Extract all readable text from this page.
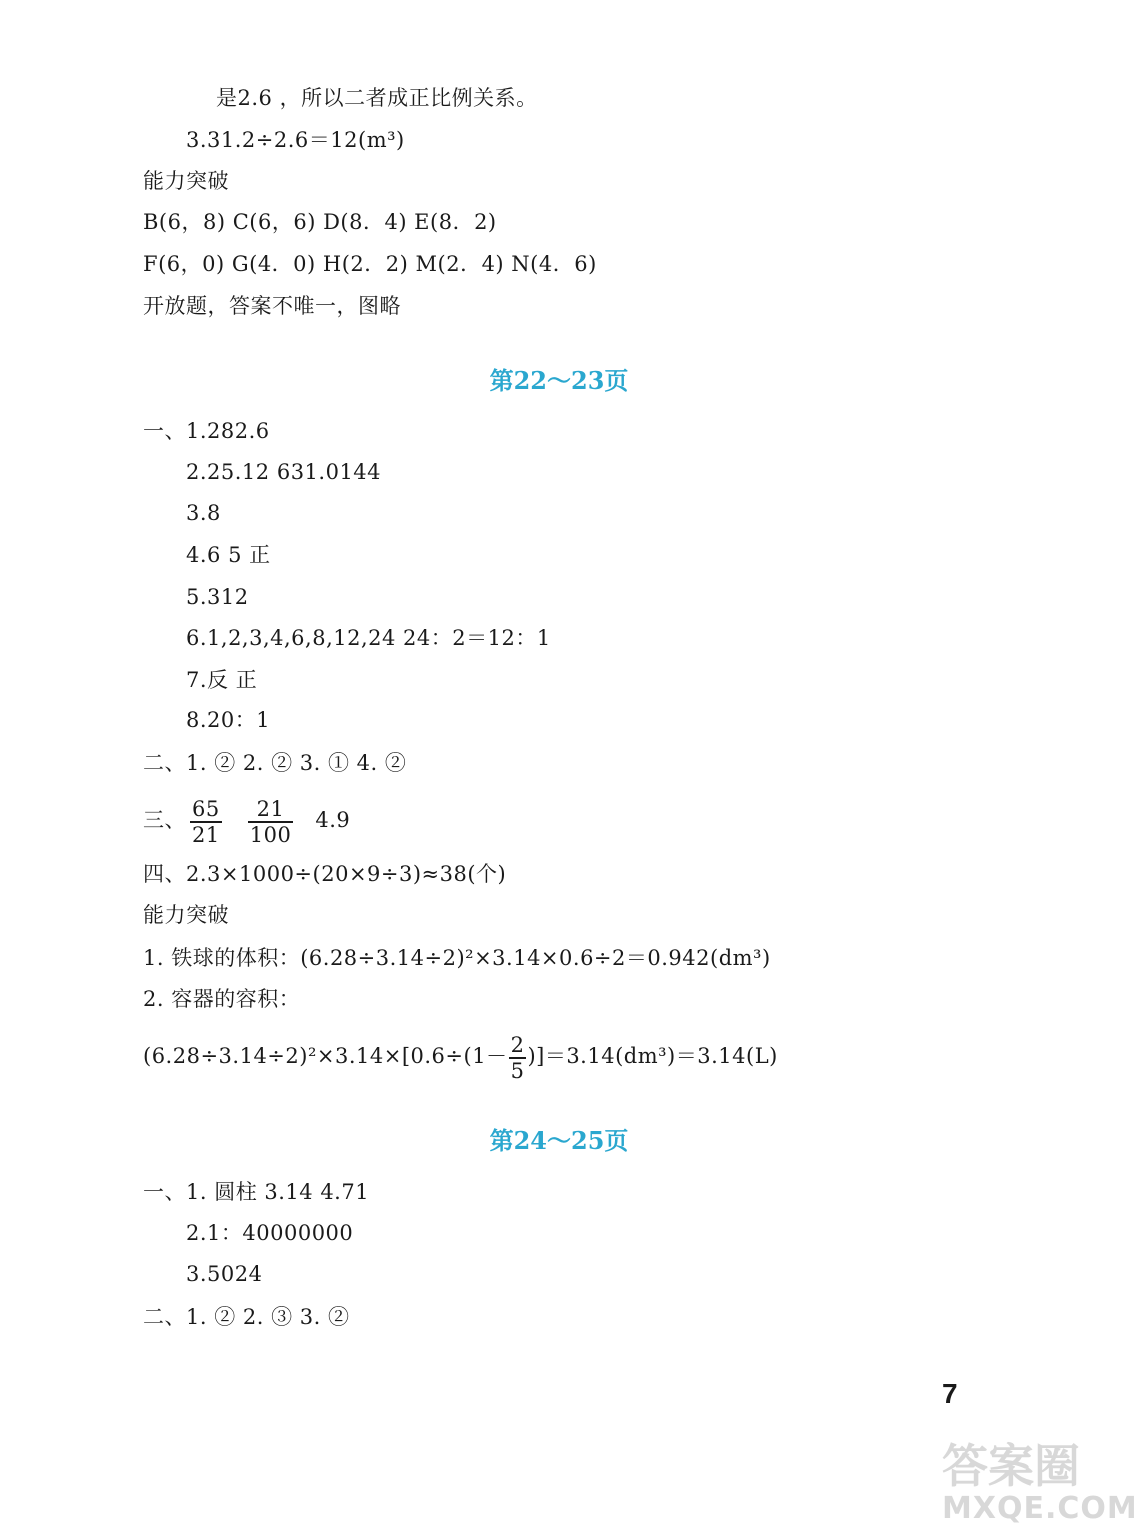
是2.6 ，所以二者成正比例关系。
3.31.2÷2.6＝12(m³)
能力突破
B(6，8) C(6，6) D(8．4) E(8．2)
F(6，0) G(4．0) H(2．2) M(2．4) N(4．6)
开放题，答案不唯一，图略
第22～23页
一、1.282.6
2.25.12 631.0144
3.8
4.6 5 正
5.312
6.1,2,3,4,6,8,12,24 24：2＝12：1
7.反 正
8.20：1
二、1. ② 2. ② 3. ① 4. ②
三、 $\frac{65}{21} \frac{21}{100} 4.9$
四、2.3×1000÷(20×9÷3)≈38(个)
能力突破
1. 铁球的体积：(6.28÷3.14÷2)²×3.14×0.6÷2＝0.942(dm³)
2. 容器的容积：
$(6.28\div 3.14\div 2)^2\times 3.14\times[0.6\div(1- \frac{2}{5} )]=3.14(dm^3)=3.14(L)$
第24～25页
一、1. 圆柱 3.14 4.71
2.1：40000000
3.5024
二、1. ② 2. ③ 3. ②
7
答案圈
MXQE.COM
